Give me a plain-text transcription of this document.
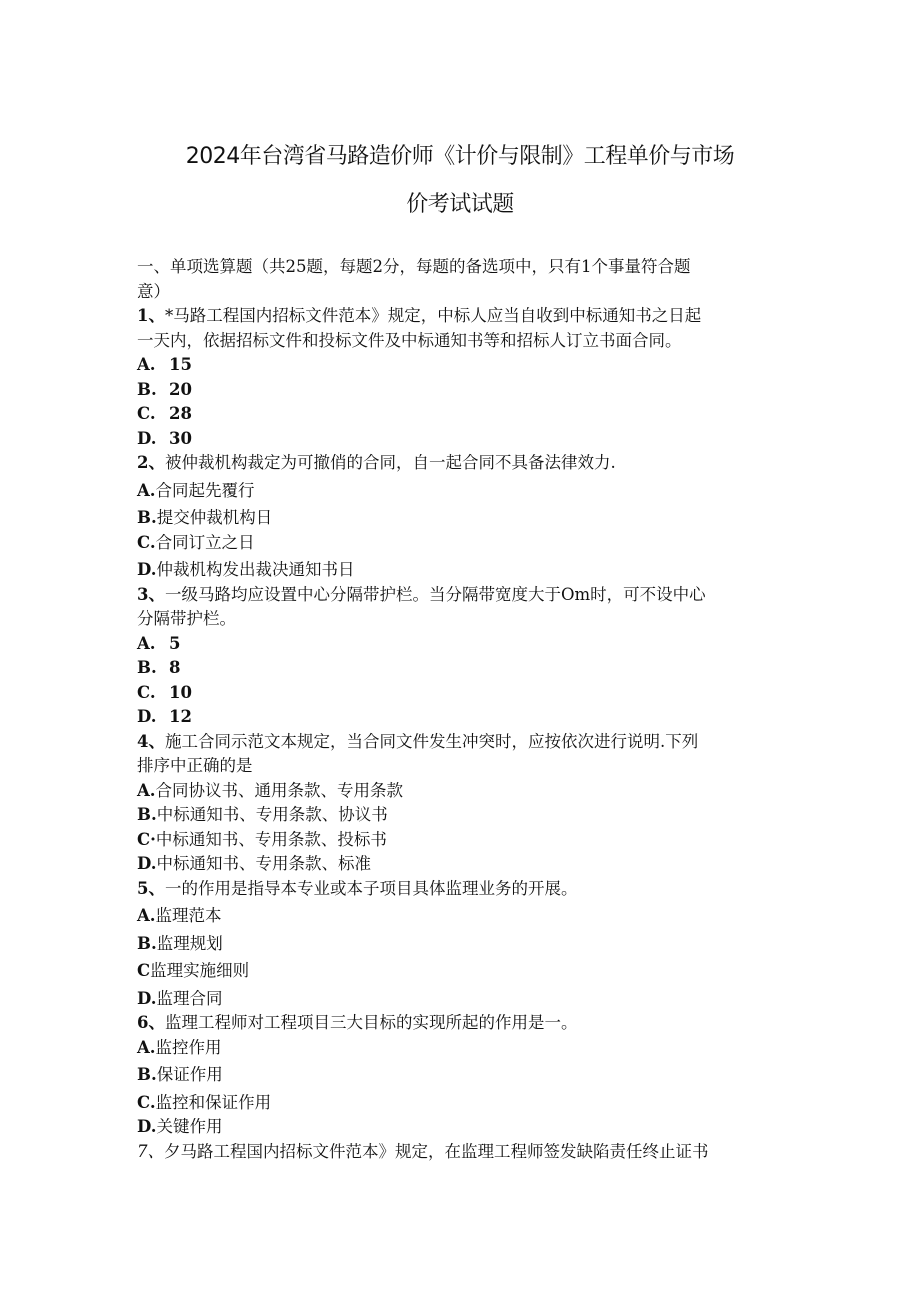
2024年台湾省马路造价师《计价与限制》工程单价与市场
价考试试题
一、单项选算题（共25题，每题2分，每题的备选项中，只有1个事量符合题
意）
1、*马路工程国内招标文件范本》规定，中标人应当自收到中标通知书之日起
一天内，依据招标文件和投标文件及中标通知书等和招标人订立书面合同。
A. 15
B. 20
C. 28
D. 30
2、被仲裁机构裁定为可撤俏的合同，自一起合同不具备法律效力.
A.合同起先覆行
B.提交仲裁机构日
C.合同订立之日
D.仲裁机构发出裁决通知书日
3、一级马路均应设置中心分隔带护栏。当分隔带宽度大于Om时，可不设中心
分隔带护栏。
A. 5
B. 8
C. 10
D. 12
4、施工合同示范文本规定，当合同文件发生冲突时，应按依次进行说明.下列
排序中正确的是
A.合同协议书、通用条款、专用条款
B.中标通知书、专用条款、协议书
C·中标通知书、专用条款、投标书
D.中标通知书、专用条款、标准
5、一的作用是指导本专业或本子项目具体监理业务的开展。
A.监理范本
B.监理规划
C监理实施细则
D.监理合同
6、监理工程师对工程项目三大目标的实现所起的作用是一。
A.监控作用
B.保证作用
C.监控和保证作用
D.关键作用
7、夕马路工程国内招标文件范本》规定，在监理工程师签发缺陷责任终止证书
